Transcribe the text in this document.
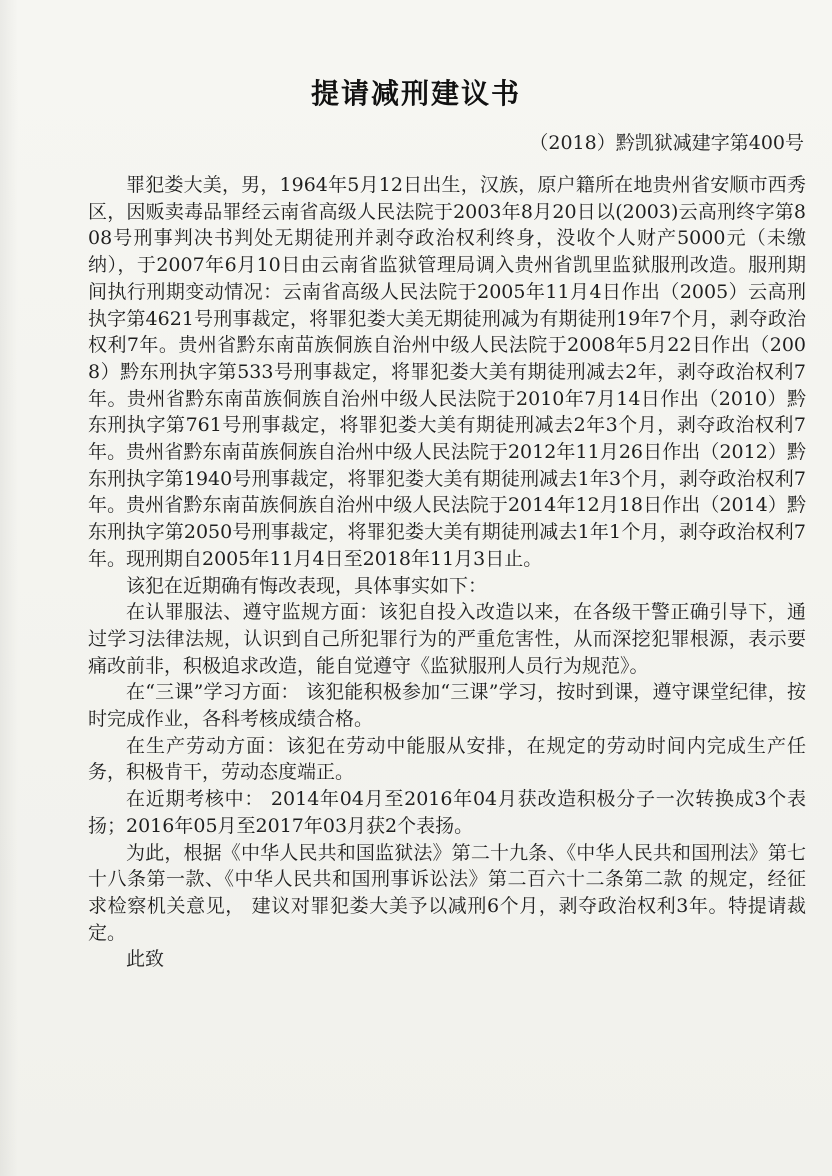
提请减刑建议书
（2018）黔凯狱减建字第400号

罪犯娄大美，男，1964年5月12日出生，汉族，原户籍所在地贵州省安顺市西秀区，因贩卖毒品罪经云南省高级人民法院于2003年8月20日以(2003)云高刑终字第808号刑事判决书判处无期徒刑并剥夺政治权利终身，没收个人财产5000元（未缴纳），于2007年6月10日由云南省监狱管理局调入贵州省凯里监狱服刑改造。服刑期间执行刑期变动情况：云南省高级人民法院于2005年11月4日作出（2005）云高刑执字第4621号刑事裁定，将罪犯娄大美无期徒刑减为有期徒刑19年7个月，剥夺政治权利7年。贵州省黔东南苗族侗族自治州中级人民法院于2008年5月22日作出（2008）黔东刑执字第533号刑事裁定，将罪犯娄大美有期徒刑减去2年，剥夺政治权利7年。贵州省黔东南苗族侗族自治州中级人民法院于2010年7月14日作出（2010）黔东刑执字第761号刑事裁定，将罪犯娄大美有期徒刑减去2年3个月，剥夺政治权利7年。贵州省黔东南苗族侗族自治州中级人民法院于2012年11月26日作出（2012）黔东刑执字第1940号刑事裁定，将罪犯娄大美有期徒刑减去1年3个月，剥夺政治权利7年。贵州省黔东南苗族侗族自治州中级人民法院于2014年12月18日作出（2014）黔东刑执字第2050号刑事裁定，将罪犯娄大美有期徒刑减去1年1个月，剥夺政治权利7年。现刑期自2005年11月4日至2018年11月3日止。

该犯在近期确有悔改表现，具体事实如下：

在认罪服法、遵守监规方面：该犯自投入改造以来，在各级干警正确引导下，通过学习法律法规，认识到自己所犯罪行为的严重危害性，从而深挖犯罪根源，表示要痛改前非，积极追求改造，能自觉遵守《监狱服刑人员行为规范》。

在“三课”学习方面： 该犯能积极参加“三课”学习，按时到课，遵守课堂纪律，按时完成作业，各科考核成绩合格。

在生产劳动方面：该犯在劳动中能服从安排，在规定的劳动时间内完成生产任务，积极肯干，劳动态度端正。

在近期考核中： 2014年04月至2016年04月获改造积极分子一次转换成3个表扬；2016年05月至2017年03月获2个表扬。

为此，根据《中华人民共和国监狱法》第二十九条、《中华人民共和国刑法》第七十八条第一款、《中华人民共和国刑事诉讼法》第二百六十二条第二款 的规定，经征求检察机关意见， 建议对罪犯娄大美予以减刑6个月，剥夺政治权利3年。特提请裁定。

此致
